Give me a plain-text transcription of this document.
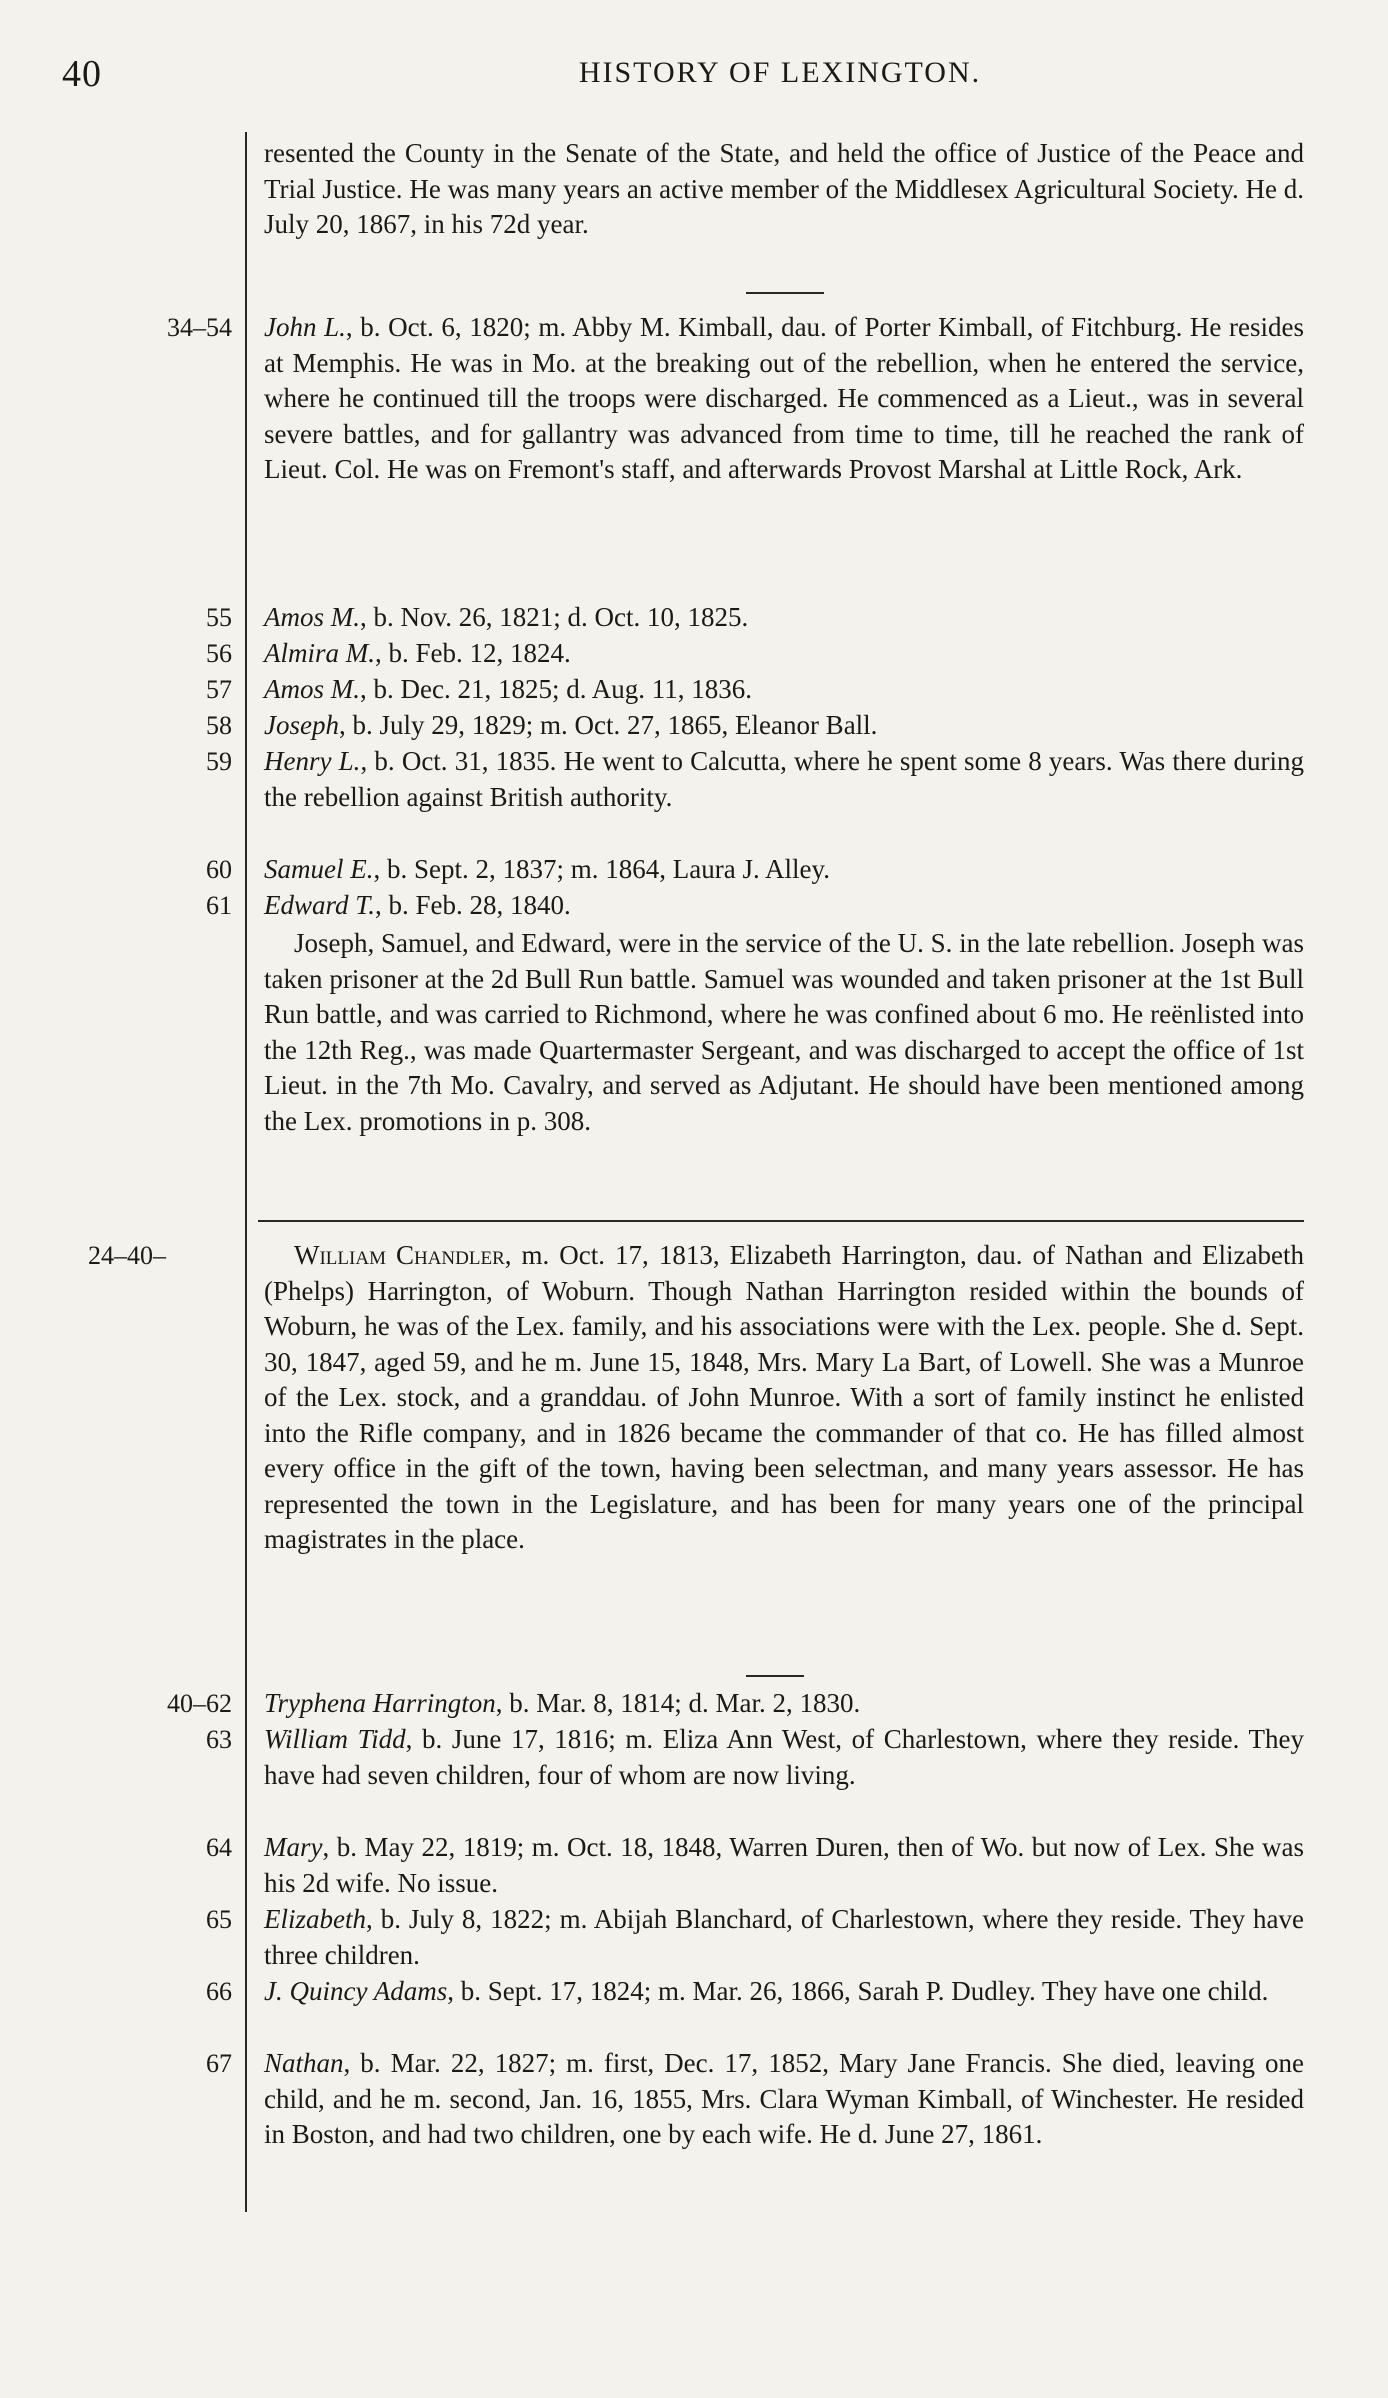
40	HISTORY OF LEXINGTON.
resented the County in the Senate of the State, and held the office of Justice of the Peace and Trial Justice. He was many years an active member of the Middlesex Agricultural Society. He d. July 20, 1867, in his 72d year.
34–54 John L., b. Oct. 6, 1820; m. Abby M. Kimball, dau. of Porter Kimball, of Fitchburg. He resides at Memphis. He was in Mo. at the breaking out of the rebellion, when he entered the service, where he continued till the troops were discharged. He commenced as a Lieut., was in several severe battles, and for gallantry was advanced from time to time, till he reached the rank of Lieut. Col. He was on Fremont's staff, and afterwards Provost Marshal at Little Rock, Ark.
55 Amos M., b. Nov. 26, 1821; d. Oct. 10, 1825.
56 Almira M., b. Feb. 12, 1824.
57 Amos M., b. Dec. 21, 1825; d. Aug. 11, 1836.
58 Joseph, b. July 29, 1829; m. Oct. 27, 1865, Eleanor Ball.
59 Henry L., b. Oct. 31, 1835. He went to Calcutta, where he spent some 8 years. Was there during the rebellion against British authority.
60 Samuel E., b. Sept. 2, 1837; m. 1864, Laura J. Alley.
61 Edward T., b. Feb. 28, 1840.
Joseph, Samuel, and Edward, were in the service of the U. S. in the late rebellion. Joseph was taken prisoner at the 2d Bull Run battle. Samuel was wounded and taken prisoner at the 1st Bull Run battle, and was carried to Richmond, where he was confined about 6 mo. He reënlisted into the 12th Reg., was made Quartermaster Sergeant, and was discharged to accept the office of 1st Lieut. in the 7th Mo. Cavalry, and served as Adjutant. He should have been mentioned among the Lex. promotions in p. 308.
24–40–	William Chandler, m. Oct. 17, 1813, Elizabeth Harrington, dau. of Nathan and Elizabeth (Phelps) Harrington, of Woburn. Though Nathan Harrington resided within the bounds of Woburn, he was of the Lex. family, and his associations were with the Lex. people. She d. Sept. 30, 1847, aged 59, and he m. June 15, 1848, Mrs. Mary La Bart, of Lowell. She was a Munroe of the Lex. stock, and a granddau. of John Munroe. With a sort of family instinct he enlisted into the Rifle company, and in 1826 became the commander of that co. He has filled almost every office in the gift of the town, having been selectman, and many years assessor. He has represented the town in the Legislature, and has been for many years one of the principal magistrates in the place.
40–62 Tryphena Harrington, b. Mar. 8, 1814; d. Mar. 2, 1830.
63 William Tidd, b. June 17, 1816; m. Eliza Ann West, of Charlestown, where they reside. They have had seven children, four of whom are now living.
64 Mary, b. May 22, 1819; m. Oct. 18, 1848, Warren Duren, then of Wo. but now of Lex. She was his 2d wife. No issue.
65 Elizabeth, b. July 8, 1822; m. Abijah Blanchard, of Charlestown, where they reside. They have three children.
66 J. Quincy Adams, b. Sept. 17, 1824; m. Mar. 26, 1866, Sarah P. Dudley. They have one child.
67 Nathan, b. Mar. 22, 1827; m. first, Dec. 17, 1852, Mary Jane Francis. She died, leaving one child, and he m. second, Jan. 16, 1855, Mrs. Clara Wyman Kimball, of Winchester. He resided in Boston, and had two children, one by each wife. He d. June 27, 1861.
